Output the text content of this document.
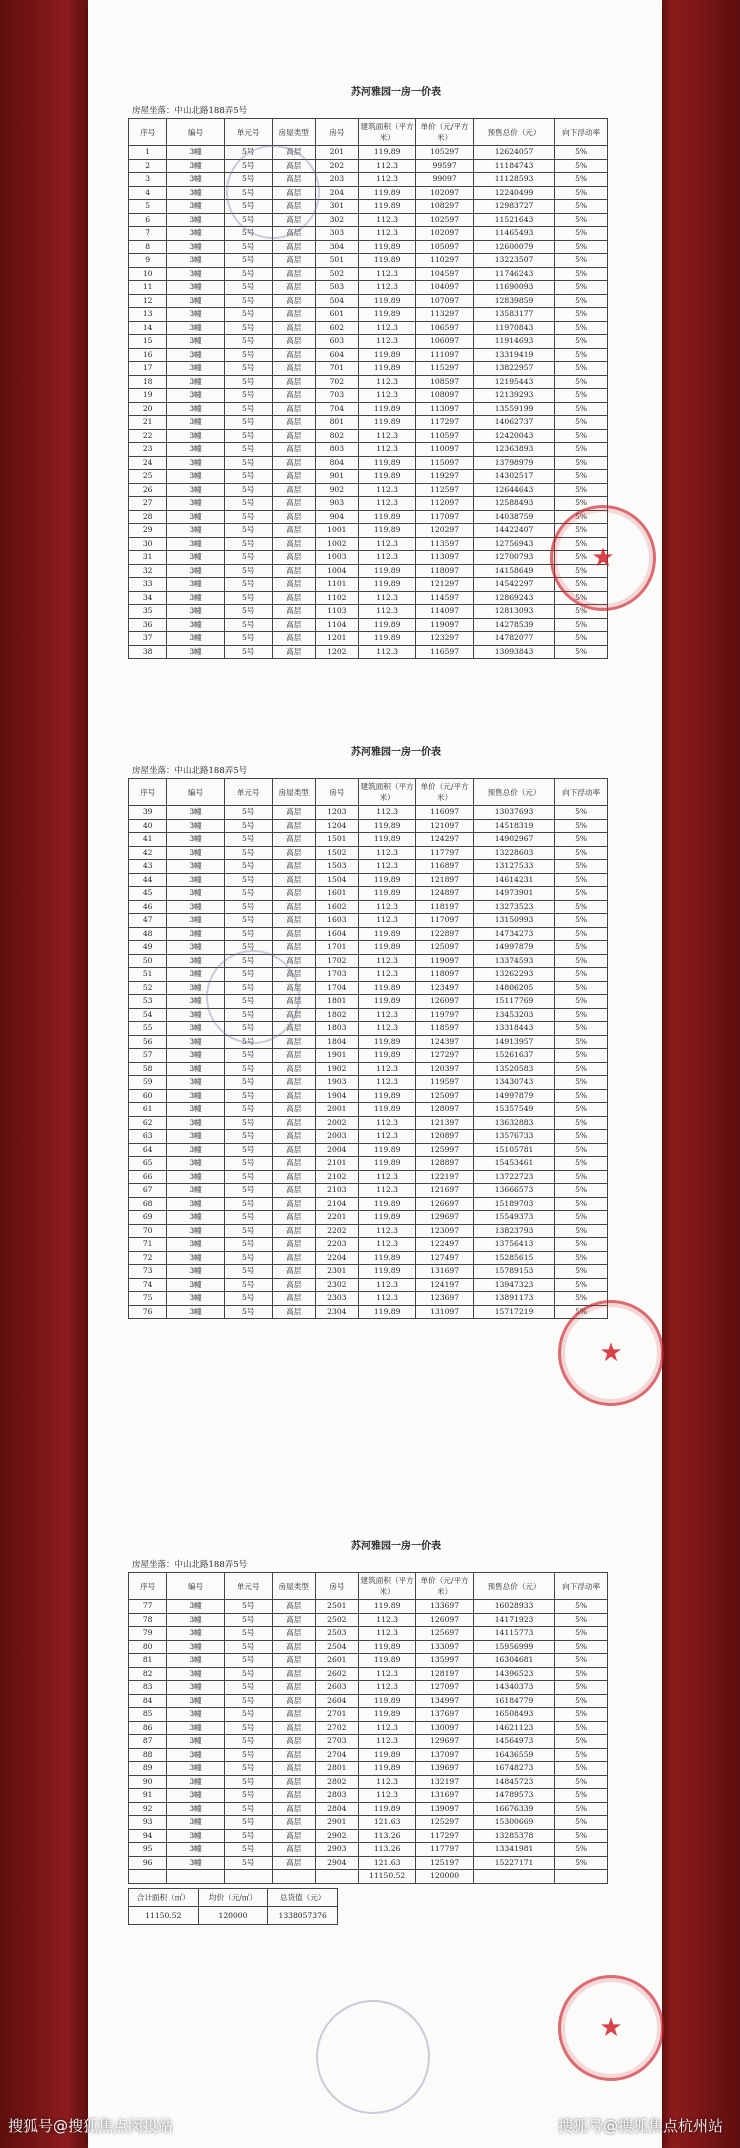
苏河雅园一房一价表
房屋坐落：中山北路188弄5号
序号	编号	单元号	房屋类型	房号	建筑面积（平方米）	单价（元/平方米）	预售总价（元）	向下浮动率
1	3幢	5号	高层	201	119.89	105297	12624057	5%
2	3幢	5号	高层	202	112.3	99597	11184743	5%
3	3幢	5号	高层	203	112.3	99097	11128593	5%
4	3幢	5号	高层	204	119.89	102097	12240499	5%
5	3幢	5号	高层	301	119.89	108297	12983727	5%
6	3幢	5号	高层	302	112.3	102597	11521643	5%
7	3幢	5号	高层	303	112.3	102097	11465493	5%
8	3幢	5号	高层	304	119.89	105097	12600079	5%
9	3幢	5号	高层	501	119.89	110297	13223507	5%
10	3幢	5号	高层	502	112.3	104597	11746243	5%
11	3幢	5号	高层	503	112.3	104097	11690093	5%
12	3幢	5号	高层	504	119.89	107097	12839859	5%
13	3幢	5号	高层	601	119.89	113297	13583177	5%
14	3幢	5号	高层	602	112.3	106597	11970843	5%
15	3幢	5号	高层	603	112.3	106097	11914693	5%
16	3幢	5号	高层	604	119.89	111097	13319419	5%
17	3幢	5号	高层	701	119.89	115297	13822957	5%
18	3幢	5号	高层	702	112.3	108597	12195443	5%
19	3幢	5号	高层	703	112.3	108097	12139293	5%
20	3幢	5号	高层	704	119.89	113097	13559199	5%
21	3幢	5号	高层	801	119.89	117297	14062737	5%
22	3幢	5号	高层	802	112.3	110597	12420043	5%
23	3幢	5号	高层	803	112.3	110097	12363893	5%
24	3幢	5号	高层	804	119.89	115097	13798979	5%
25	3幢	5号	高层	901	119.89	119297	14302517	5%
26	3幢	5号	高层	902	112.3	112597	12644643	5%
27	3幢	5号	高层	903	112.3	112097	12588493	5%
28	3幢	5号	高层	904	119.89	117097	14038759	5%
29	3幢	5号	高层	1001	119.89	120297	14422407	5%
30	3幢	5号	高层	1002	112.3	113597	12756943	5%
31	3幢	5号	高层	1003	112.3	113097	12700793	5%
32	3幢	5号	高层	1004	119.89	118097	14158649	5%
33	3幢	5号	高层	1101	119.89	121297	14542297	5%
34	3幢	5号	高层	1102	112.3	114597	12869243	5%
35	3幢	5号	高层	1103	112.3	114097	12813093	5%
36	3幢	5号	高层	1104	119.89	119097	14278539	5%
37	3幢	5号	高层	1201	119.89	123297	14782077	5%
38	3幢	5号	高层	1202	112.3	116597	13093843	5%
苏河雅园一房一价表
房屋坐落：中山北路188弄5号
序号	编号	单元号	房屋类型	房号	建筑面积（平方米）	单价（元/平方米）	预售总价（元）	向下浮动率
39	3幢	5号	高层	1203	112.3	116097	13037693	5%
40	3幢	5号	高层	1204	119.89	121097	14518319	5%
41	3幢	5号	高层	1501	119.89	124297	14902967	5%
42	3幢	5号	高层	1502	112.3	117797	13228603	5%
43	3幢	5号	高层	1503	112.3	116897	13127533	5%
44	3幢	5号	高层	1504	119.89	121897	14614231	5%
45	3幢	5号	高层	1601	119.89	124897	14973901	5%
46	3幢	5号	高层	1602	112.3	118197	13273523	5%
47	3幢	5号	高层	1603	112.3	117097	13150993	5%
48	3幢	5号	高层	1604	119.89	122897	14734273	5%
49	3幢	5号	高层	1701	119.89	125097	14997879	5%
50	3幢	5号	高层	1702	112.3	119097	13374593	5%
51	3幢	5号	高层	1703	112.3	118097	13262293	5%
52	3幢	5号	高层	1704	119.89	123497	14806205	5%
53	3幢	5号	高层	1801	119.89	126097	15117769	5%
54	3幢	5号	高层	1802	112.3	119797	13453203	5%
55	3幢	5号	高层	1803	112.3	118597	13318443	5%
56	3幢	5号	高层	1804	119.89	124397	14913957	5%
57	3幢	5号	高层	1901	119.89	127297	15261637	5%
58	3幢	5号	高层	1902	112.3	120397	13520583	5%
59	3幢	5号	高层	1903	112.3	119597	13430743	5%
60	3幢	5号	高层	1904	119.89	125097	14997879	5%
61	3幢	5号	高层	2001	119.89	128097	15357549	5%
62	3幢	5号	高层	2002	112.3	121397	13632883	5%
63	3幢	5号	高层	2003	112.3	120897	13576733	5%
64	3幢	5号	高层	2004	119.89	125997	15105781	5%
65	3幢	5号	高层	2101	119.89	128897	15453461	5%
66	3幢	5号	高层	2102	112.3	122197	13722723	5%
67	3幢	5号	高层	2103	112.3	121697	13666573	5%
68	3幢	5号	高层	2104	119.89	126697	15189703	5%
69	3幢	5号	高层	2201	119.89	129697	15549373	5%
70	3幢	5号	高层	2202	112.3	123097	13823793	5%
71	3幢	5号	高层	2203	112.3	122497	13756413	5%
72	3幢	5号	高层	2204	119.89	127497	15285615	5%
73	3幢	5号	高层	2301	119.89	131697	15789153	5%
74	3幢	5号	高层	2302	112.3	124197	13947323	5%
75	3幢	5号	高层	2303	112.3	123697	13891173	5%
76	3幢	5号	高层	2304	119.89	131097	15717219	5%
苏河雅园一房一价表
房屋坐落：中山北路188弄5号
序号	编号	单元号	房屋类型	房号	建筑面积（平方米）	单价（元/平方米）	预售总价（元）	向下浮动率
77	3幢	5号	高层	2501	119.89	133697	16028933	5%
78	3幢	5号	高层	2502	112.3	126097	14171923	5%
79	3幢	5号	高层	2503	112.3	125697	14115773	5%
80	3幢	5号	高层	2504	119.89	133097	15956999	5%
81	3幢	5号	高层	2601	119.89	135997	16304681	5%
82	3幢	5号	高层	2602	112.3	128197	14396523	5%
83	3幢	5号	高层	2603	112.3	127097	14340373	5%
84	3幢	5号	高层	2604	119.89	134997	16184779	5%
85	3幢	5号	高层	2701	119.89	137697	16508493	5%
86	3幢	5号	高层	2702	112.3	130097	14621123	5%
87	3幢	5号	高层	2703	112.3	129697	14564973	5%
88	3幢	5号	高层	2704	119.89	137097	16436559	5%
89	3幢	5号	高层	2801	119.89	139697	16748273	5%
90	3幢	5号	高层	2802	112.3	132197	14845723	5%
91	3幢	5号	高层	2803	112.3	131697	14789573	5%
92	3幢	5号	高层	2804	119.89	139097	16676339	5%
93	3幢	5号	高层	2901	121.63	125297	15300669	5%
94	3幢	5号	高层	2902	113.26	117297	13285378	5%
95	3幢	5号	高层	2903	113.26	117797	13341981	5%
96	3幢	5号	高层	2904	121.63	125197	15227171	5%
					11150.52	120000		
合计面积（㎡）	均价（元/㎡）	总货值（元）
11150.52	120000	1338057376
★
★
★
搜狐号@搜狐焦点闵投站	搜狐号@搜狐焦点杭州站
